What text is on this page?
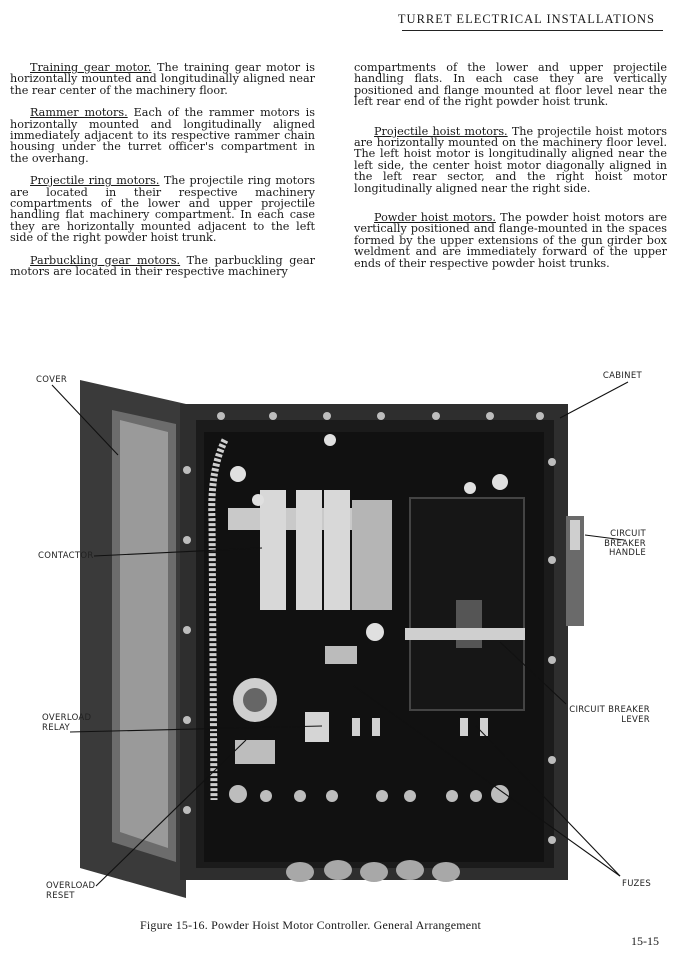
TURRET ELECTRICAL INSTALLATIONS

Training gear motor. The training gear motor is horizontally mounted and longitudinally aligned near the rear center of the machinery floor.

Rammer motors. Each of the rammer motors is horizontally mounted and longitudinally aligned immediately adjacent to its respective rammer chain housing under the turret officer's compartment in the overhang.

Projectile ring motors. The projectile ring motors are located in their respective machinery compartments of the lower and upper projectile handling flat machinery compartment. In each case they are horizontally mounted adjacent to the left side of the right powder hoist trunk.

Parbuckling gear motors. The parbuckling gear motors are located in their respective machinery

compartments of the lower and upper projectile handling flats. In each case they are vertically positioned and flange mounted at floor level near the left rear end of the right powder hoist trunk.

Projectile hoist motors. The projectile hoist motors are horizontally mounted on the machinery floor level. The left hoist motor is longitudinally aligned near the left side, the center hoist motor diagonally aligned in the left rear sector, and the right hoist motor longitudinally aligned near the right side.

Powder hoist motors. The powder hoist motors are vertically positioned and flange-mounted in the spaces formed by the upper extensions of the gun girder box weldment and are immediately forward of the upper ends of their respective powder hoist trunks.

COVER	CABINET
CONTACTOR
CIRCUIT
BREAKER
HANDLE
CIRCUIT BREAKER
LEVER
OVERLOAD
RELAY
OVERLOAD
RESET
FUZES
Figure 15-16. Powder Hoist Motor Controller. General Arrangement
15-15
